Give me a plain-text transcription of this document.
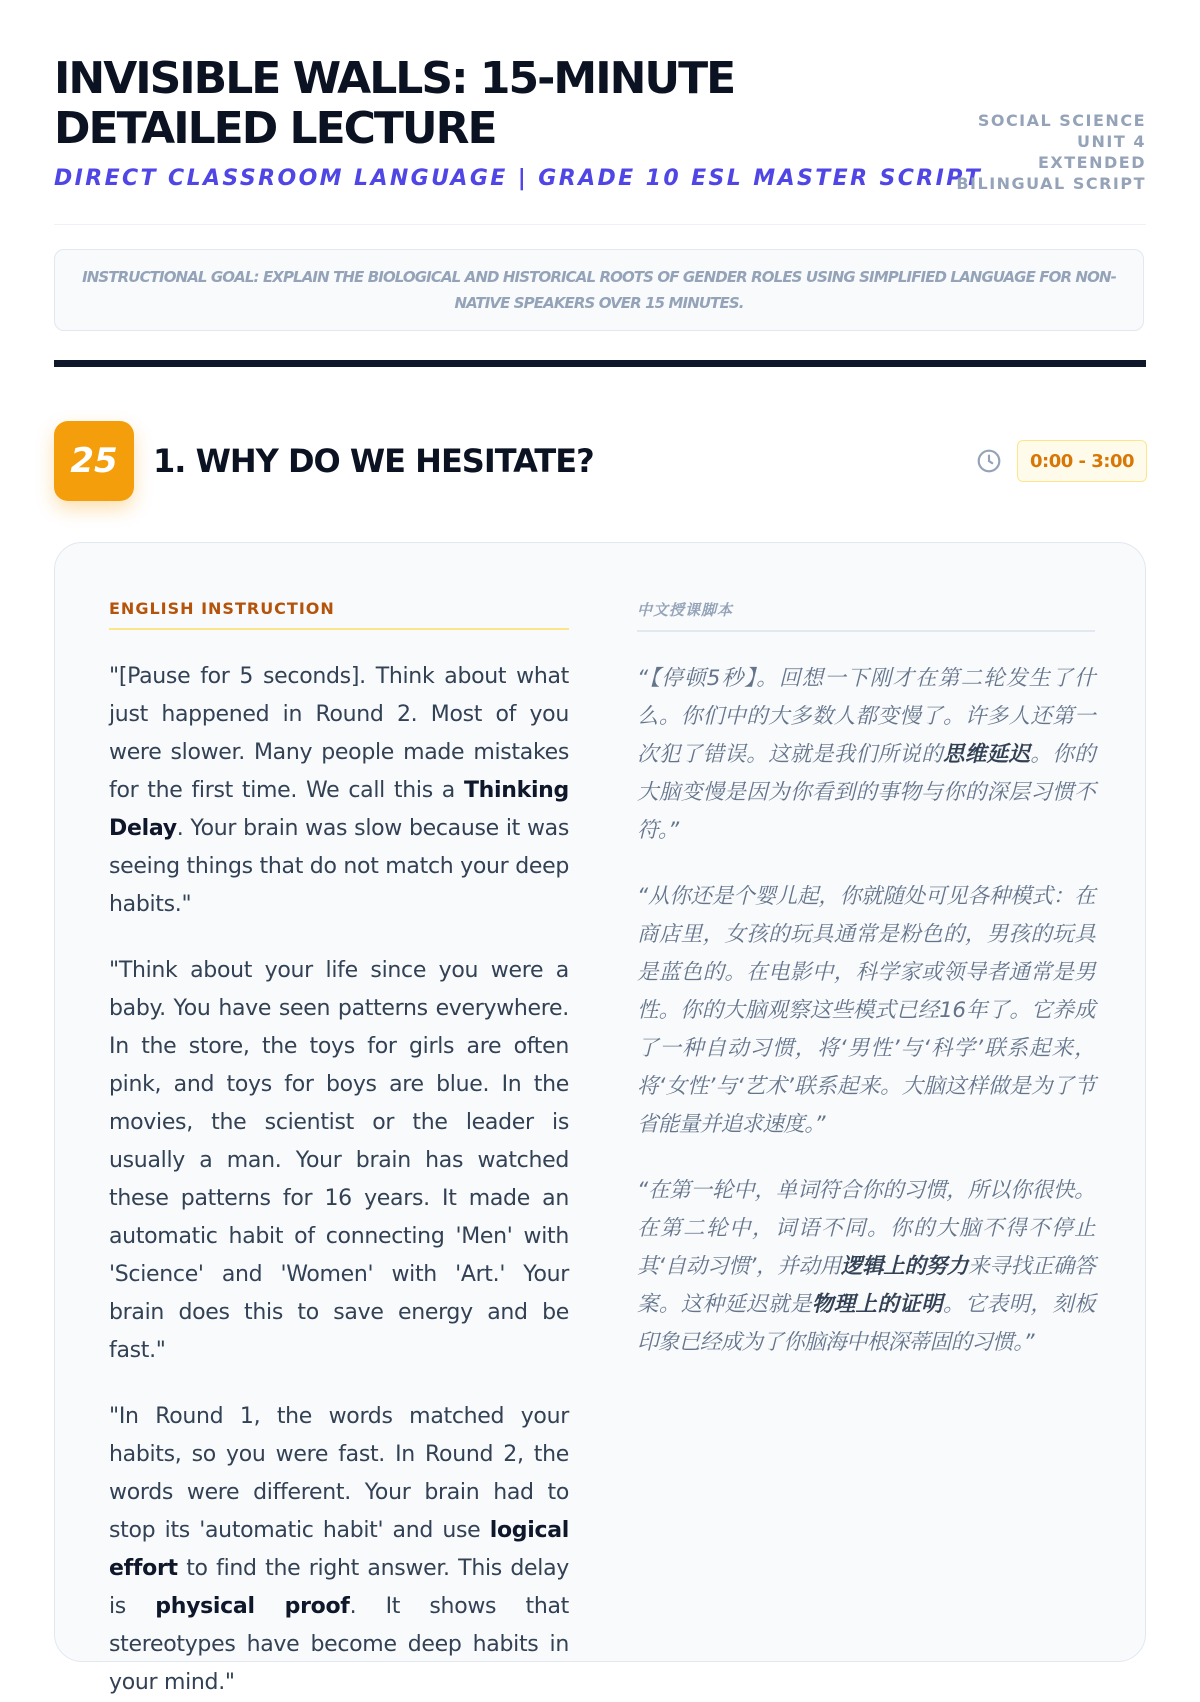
INVISIBLE WALLS: 15-MINUTE
DETAILED LECTURE
DIRECT CLASSROOM LANGUAGE | GRADE 10 ESL MASTER SCRIPT
SOCIAL SCIENCE
UNIT 4
EXTENDED
BILINGUAL SCRIPT
INSTRUCTIONAL GOAL: EXPLAIN THE BIOLOGICAL AND HISTORICAL ROOTS OF GENDER ROLES USING SIMPLIFIED LANGUAGE FOR NON-NATIVE SPEAKERS OVER 15 MINUTES.
25 1. WHY DO WE HESITATE?	0:00 - 3:00
ENGLISH INSTRUCTION

"[Pause for 5 seconds]. Think about what just happened in Round 2. Most of you were slower. Many people made mistakes for the first time. We call this a Thinking Delay. Your brain was slow because it was seeing things that do not match your deep habits."

"Think about your life since you were a baby. You have seen patterns everywhere. In the store, the toys for girls are often pink, and toys for boys are blue. In the movies, the scientist or the leader is usually a man. Your brain has watched these patterns for 16 years. It made an automatic habit of connecting 'Men' with 'Science' and 'Women' with 'Art.' Your brain does this to save energy and be fast."

"In Round 1, the words matched your habits, so you were fast. In Round 2, the words were different. Your brain had to stop its 'automatic habit' and use logical effort to find the right answer. This delay is physical proof. It shows that stereotypes have become deep habits in your mind."

中文授课脚本

“【停顿5秒】。回想一下刚才在第二轮发生了什么。你们中的大多数人都变慢了。许多人还第一次犯了错误。这就是我们所说的思维延迟。你的大脑变慢是因为你看到的事物与你的深层习惯不符。”

“从你还是个婴儿起，你就随处可见各种模式：在商店里，女孩的玩具通常是粉色的，男孩的玩具是蓝色的。在电影中，科学家或领导者通常是男性。你的大脑观察这些模式已经16年了。它养成了一种自动习惯，将‘男性’与‘科学’联系起来，将‘女性’与‘艺术’联系起来。大脑这样做是为了节省能量并追求速度。”

“在第一轮中，单词符合你的习惯，所以你很快。在第二轮中，词语不同。你的大脑不得不停止其‘自动习惯’，并动用逻辑上的努力来寻找正确答案。这种延迟就是物理上的证明。它表明，刻板印象已经成为了你脑海中根深蒂固的习惯。”
